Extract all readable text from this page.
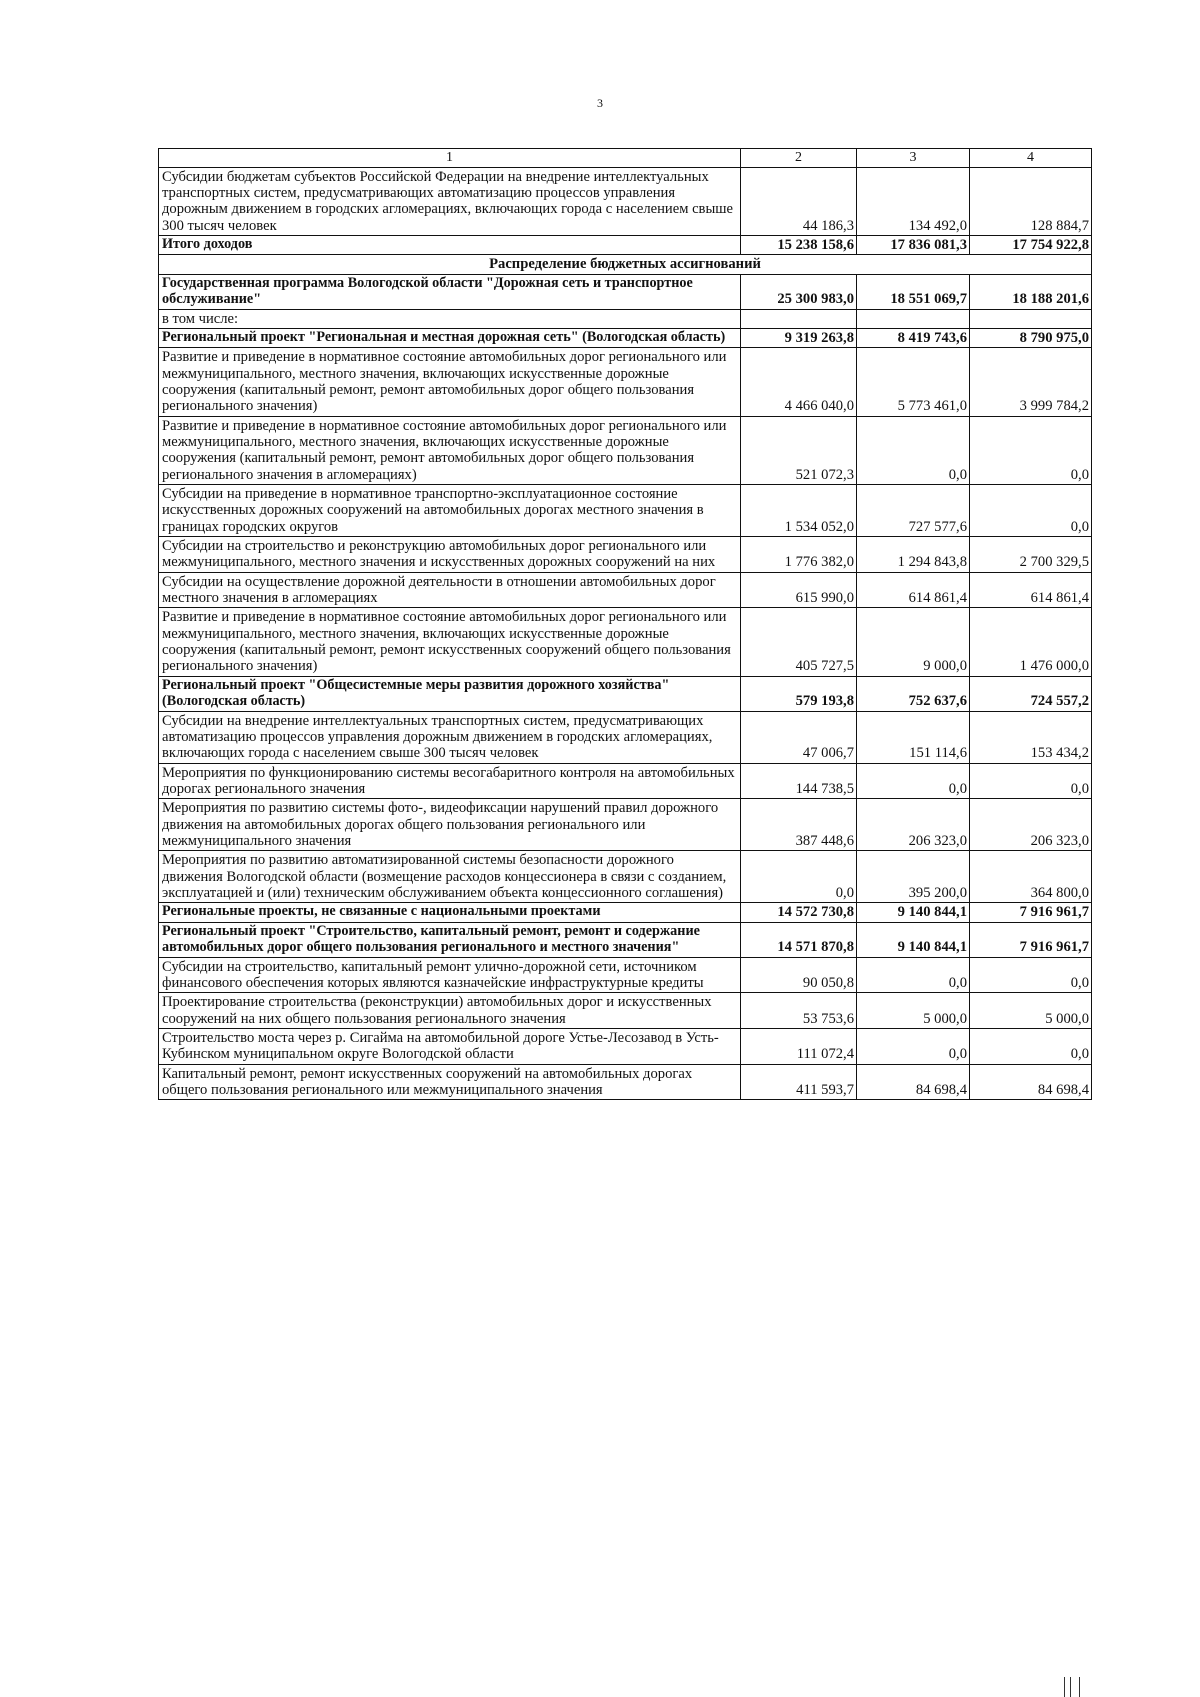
3
1	2	3	4
Субсидии бюджетам субъектов Российской Федерации на внедрение интеллектуальных транспортных систем, предусматривающих автоматизацию процессов управления дорожным движением в городских агломерациях, включающих города с населением свыше 300 тысяч человек	44 186,3	134 492,0	128 884,7
Итого доходов	15 238 158,6	17 836 081,3	17 754 922,8
Распределение бюджетных ассигнований			
Государственная программа Вологодской области "Дорожная сеть и транспортное обслуживание"	25 300 983,0	18 551 069,7	18 188 201,6
в том числе:			
Региональный проект "Региональная и местная дорожная сеть" (Вологодская область)	9 319 263,8	8 419 743,6	8 790 975,0
Развитие и приведение в нормативное состояние автомобильных дорог регионального или межмуниципального, местного значения, включающих искусственные дорожные сооружения (капитальный ремонт, ремонт автомобильных дорог общего пользования регионального значения)	4 466 040,0	5 773 461,0	3 999 784,2
Развитие и приведение в нормативное состояние автомобильных дорог регионального или межмуниципального, местного значения, включающих искусственные дорожные сооружения (капитальный ремонт, ремонт автомобильных дорог общего пользования регионального значения в агломерациях)	521 072,3	0,0	0,0
Субсидии на приведение в нормативное транспортно-эксплуатационное состояние искусственных дорожных сооружений на автомобильных дорогах местного значения в границах городских округов	1 534 052,0	727 577,6	0,0
Субсидии на строительство и реконструкцию автомобильных дорог регионального или межмуниципального, местного значения и искусственных дорожных сооружений на них	1 776 382,0	1 294 843,8	2 700 329,5
Субсидии на осуществление дорожной деятельности в отношении автомобильных дорог местного значения в агломерациях	615 990,0	614 861,4	614 861,4
Развитие и приведение в нормативное состояние автомобильных дорог регионального или межмуниципального, местного значения, включающих искусственные дорожные сооружения (капитальный ремонт, ремонт искусственных сооружений общего пользования регионального значения)	405 727,5	9 000,0	1 476 000,0
Региональный проект "Общесистемные меры развития дорожного хозяйства" (Вологодская область)	579 193,8	752 637,6	724 557,2
Субсидии на внедрение интеллектуальных транспортных систем, предусматривающих автоматизацию процессов управления дорожным движением в городских агломерациях, включающих города с населением свыше 300 тысяч человек	47 006,7	151 114,6	153 434,2
Мероприятия по функционированию системы весогабаритного контроля на автомобильных дорогах регионального значения	144 738,5	0,0	0,0
Мероприятия по развитию системы фото-, видеофиксации нарушений правил дорожного движения на автомобильных дорогах общего пользования регионального или межмуниципального значения	387 448,6	206 323,0	206 323,0
Мероприятия по развитию автоматизированной системы безопасности дорожного движения Вологодской области (возмещение расходов концессионера в связи с созданием, эксплуатацией и (или) техническим обслуживанием объекта концессионного соглашения)	0,0	395 200,0	364 800,0
Региональные проекты, не связанные с национальными проектами	14 572 730,8	9 140 844,1	7 916 961,7
Региональный проект "Строительство, капитальный ремонт, ремонт и содержание автомобильных дорог общего пользования регионального и местного значения"	14 571 870,8	9 140 844,1	7 916 961,7
Субсидии на строительство, капитальный ремонт улично-дорожной сети, источником финансового обеспечения которых являются казначейские инфраструктурные кредиты	90 050,8	0,0	0,0
Проектирование строительства (реконструкции) автомобильных дорог и искусственных сооружений на них общего пользования регионального значения	53 753,6	5 000,0	5 000,0
Строительство моста через р. Сигайма на автомобильной дороге Устье-Лесозавод в Усть-Кубинском муниципальном округе Вологодской области	111 072,4	0,0	0,0
Капитальный ремонт, ремонт искусственных сооружений на автомобильных дорогах общего пользования регионального или межмуниципального значения	411 593,7	84 698,4	84 698,4
